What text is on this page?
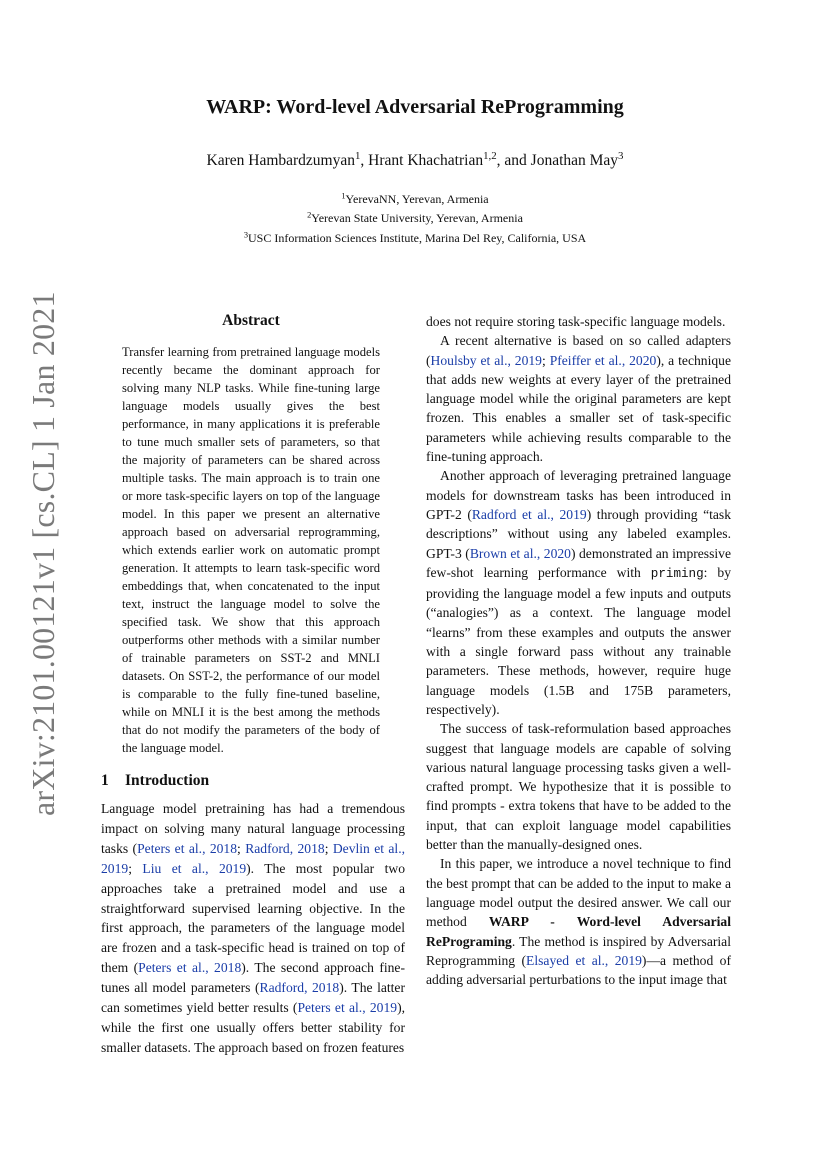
arXiv:2101.00121v1 [cs.CL] 1 Jan 2021
WARP: Word-level Adversarial ReProgramming
Karen Hambardzumyan$^1$, Hrant Khachatrian$^{1,2}$, and Jonathan May$^3$
$^1$YerevaNN, Yerevan, Armenia
$^2$Yerevan State University, Yerevan, Armenia
$^3$USC Information Sciences Institute, Marina Del Rey, California, USA
Abstract

Transfer learning from pretrained language models recently became the dominant approach for solving many NLP tasks. While fine-tuning large language models usually gives the best performance, in many applications it is preferable to tune much smaller sets of parameters, so that the majority of parameters can be shared across multiple tasks. The main approach is to train one or more task-specific layers on top of the language model. In this paper we present an alternative approach based on adversarial reprogramming, which extends earlier work on automatic prompt generation. It attempts to learn task-specific word embeddings that, when concatenated to the input text, instruct the language model to solve the specified task. We show that this approach outperforms other methods with a similar number of trainable parameters on SST-2 and MNLI datasets. On SST-2, the performance of our model is comparable to the fully fine-tuned baseline, while on MNLI it is the best among the methods that do not modify the parameters of the body of the language model.

1 Introduction

Language model pretraining has had a tremendous impact on solving many natural language processing tasks (Peters et al., 2018; Radford, 2018; Devlin et al., 2019; Liu et al., 2019). The most popular two approaches take a pretrained model and use a straightforward supervised learning objective. In the first approach, the parameters of the language model are frozen and a task-specific head is trained on top of them (Peters et al., 2018). The second approach fine-tunes all model parameters (Radford, 2018). The latter can sometimes yield better results (Peters et al., 2019), while the first one usually offers better stability for smaller datasets. The approach based on frozen features

does not require storing task-specific language models.

A recent alternative is based on so called adapters (Houlsby et al., 2019; Pfeiffer et al., 2020), a technique that adds new weights at every layer of the pretrained language model while the original parameters are kept frozen. This enables a smaller set of task-specific parameters while achieving results comparable to the fine-tuning approach.

Another approach of leveraging pretrained language models for downstream tasks has been introduced in GPT-2 (Radford et al., 2019) through providing “task descriptions” without using any labeled examples. GPT-3 (Brown et al., 2020) demonstrated an impressive few-shot learning performance with priming: by providing the language model a few inputs and outputs (“analogies”) as a context. The language model “learns” from these examples and outputs the answer with a single forward pass without any trainable parameters. These methods, however, require huge language models (1.5B and 175B parameters, respectively).

The success of task-reformulation based approaches suggest that language models are capable of solving various natural language processing tasks given a well-crafted prompt. We hypothesize that it is possible to find prompts - extra tokens that have to be added to the input, that can exploit language model capabilities better than the manually-designed ones.

In this paper, we introduce a novel technique to find the best prompt that can be added to the input to make a language model output the desired answer. We call our method WARP - Word-level Adversarial RePrograming. The method is inspired by Adversarial Reprogramming (Elsayed et al., 2019)—a method of adding adversarial perturbations to the input image that
